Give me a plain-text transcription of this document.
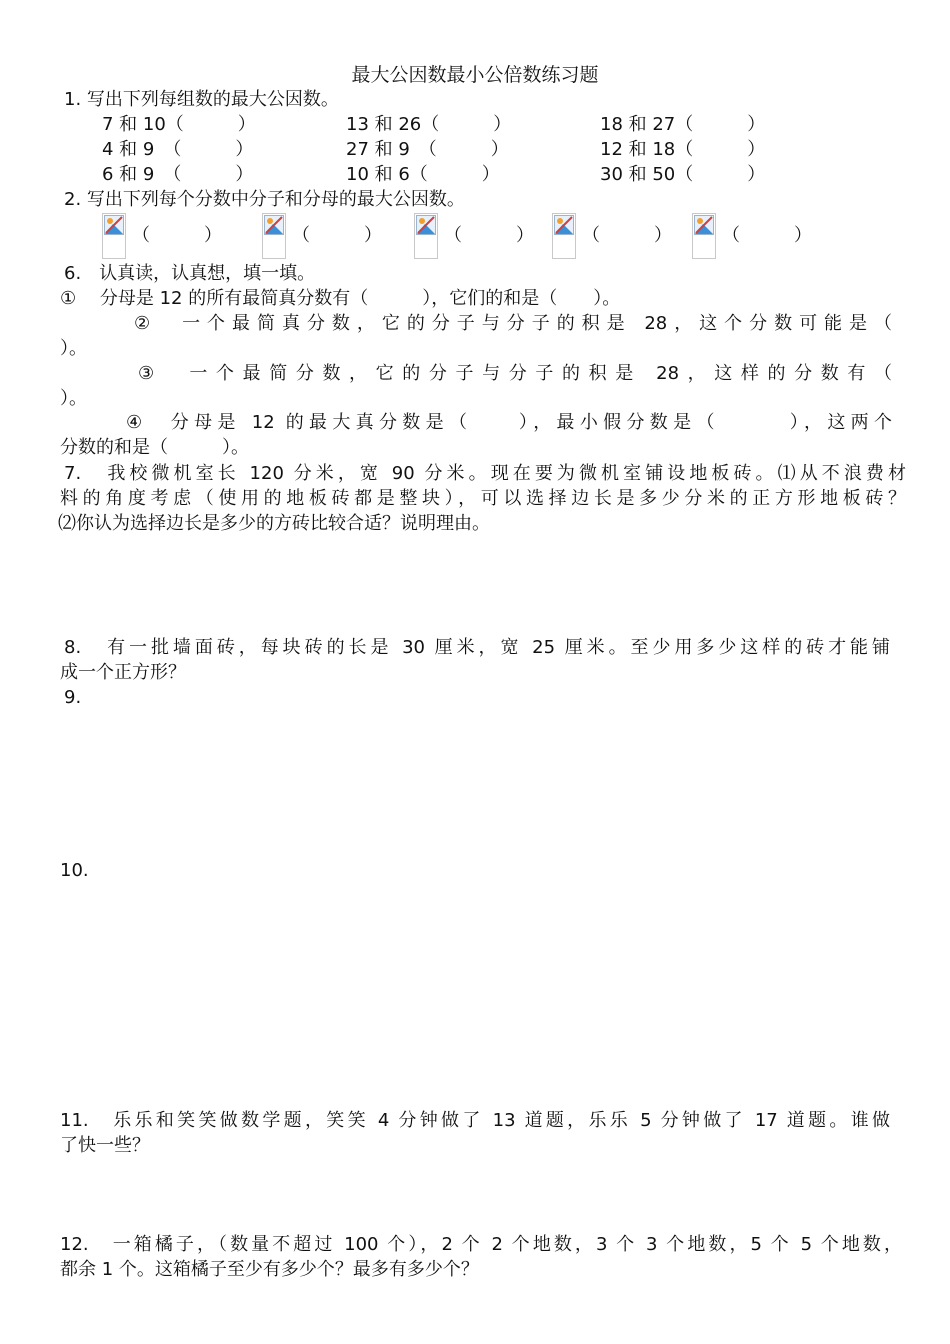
最大公因数最小公倍数练习题
1. 写出下列每组数的最大公因数。
7 和 10（　　　）	13 和 26（　　　）	18 和 27（　　　）
4 和 9　（　　　）	27 和 9　（　　　）	12 和 18（　　　）
6 和 9　（　　　）	10 和 6（　　　）	30 和 50（　　　）
2. 写出下列每个分数中分子和分母的最大公因数。
（　　　）	（　　　）	（　　　）	（　　　）	（　　　）
6.　认真读，认真想，填一填。
①　 分母是 12 的所有最简真分数有（　　　），它们的和是（　　）。
②　一个最简真分数，它的分子与分子的积是 28，这个分数可能是（
）。
③　一个最简分数，它的分子与分子的积是 28，这样的分数有（
）。
④　分母是 12 的最大真分数是（　　），最小假分数是（　　　），这两个
分数的和是（　　　）。
7.　我校微机室长 120 分米，宽 90 分米。现在要为微机室铺设地板砖。⑴从不浪费材
料的角度考虑（使用的地板砖都是整块），可以选择边长是多少分米的正方形地板砖？
⑵你认为选择边长是多少的方砖比较合适？说明理由。
8.　有一批墙面砖，每块砖的长是 30 厘米，宽 25 厘米。至少用多少这样的砖才能铺
成一个正方形？
9.
10.
11.　乐乐和笑笑做数学题，笑笑 4 分钟做了 13 道题，乐乐 5 分钟做了 17 道题。谁做
了快一些？
12.　一箱橘子，（数量不超过 100 个），2 个 2 个地数，3 个 3 个地数，5 个 5 个地数，
都余 1 个。这箱橘子至少有多少个？最多有多少个？
